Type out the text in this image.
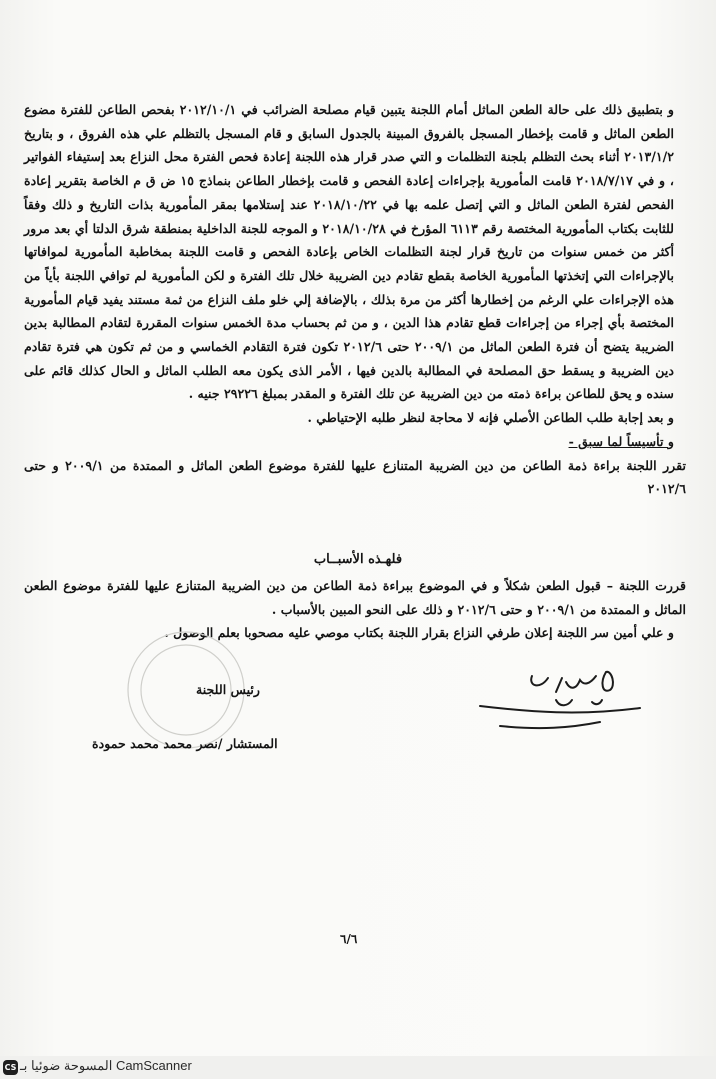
و بتطبيق ذلك على حالة الطعن الماثل أمام اللجنة يتبين قيام مصلحة الضرائب في ٢٠١٢/١٠/١ بفحص الطاعن للفترة مضوع الطعن الماثل و قامت بإخطار المسجل بالفروق المبينة بالجدول السابق و قام المسجل بالتظلم علي هذه الفروق ، و بتاريخ ٢٠١٣/١/٢ أثناء بحث التظلم بلجنة التظلمات و التي صدر قرار هذه اللجنة إعادة فحص الفترة محل النزاع بعد إستيفاء الفواتير ، و في ٢٠١٨/٧/١٧ قامت المأمورية بإجراءات إعادة الفحص و قامت بإخطار الطاعن بنماذج ١٥ ض ق م الخاصة بتقرير إعادة الفحص لفترة الطعن الماثل و التي إتصل علمه بها في ٢٠١٨/١٠/٢٢ عند إستلامها بمقر المأمورية بذات التاريخ و ذلك وفقاً للثابت بكتاب المأمورية المختصة رقم ٦١١٣ المؤرخ في ٢٠١٨/١٠/٢٨ و الموجه للجنة الداخلية بمنطقة شرق الدلتا أي بعد مرور أكثر من خمس سنوات من تاريخ قرار لجنة التظلمات الخاص بإعادة الفحص و قامت اللجنة بمخاطبة المأمورية لموافاتها بالإجراءات التي إتخذتها المأمورية الخاصة بقطع تقادم دين الضريبة خلال تلك الفترة و لكن المأمورية لم توافي اللجنة بأياً من هذه الإجراءات علي الرغم من إخطارها أكثر من مرة بذلك ، بالإضافة إلي خلو ملف النزاع من ثمة مستند يفيد قيام المأمورية المختصة بأي إجراء من إجراءات قطع تقادم هذا الدين ، و من ثم بحساب مدة الخمس سنوات المقررة لتقادم المطالبة بدين الضريبة يتضح أن فترة الطعن الماثل من ٢٠٠٩/١ حتى ٢٠١٢/٦ تكون فترة التقادم الخماسي و من ثم تكون هي فترة تقادم دين الضريبة و يسقط حق المصلحة في المطالبة بالدين فيها ، الأمر الذى يكون معه الطلب الماثل و الحال كذلك قائم على سنده و يحق للطاعن براءة ذمته من دين الضريبة عن تلك الفترة و المقدر بمبلغ ٢٩٢٢٦ جنيه .

و بعد إجابة طلب الطاعن الأصلي فإنه لا محاجة لنظر طلبه الإحتياطي .

و تأسيساً لما سبق -

تقرر اللجنة براءة ذمة الطاعن من دين الضريبة المتنازع عليها للفترة موضوع الطعن الماثل و الممتدة من ٢٠٠٩/١ و حتى ٢٠١٢/٦

فلهـذه الأسبــاب

قررت اللجنة – قبول الطعن شكلاً و في الموضوع ببراءة ذمة الطاعن من دين الضريبة المتنازع عليها للفترة موضوع الطعن الماثل و الممتدة من ٢٠٠٩/١ و حتى ٢٠١٢/٦ و ذلك على النحو المبين بالأسباب .

و علي أمين سر اللجنة إعلان طرفي النزاع بقرار اللجنة بكتاب موصي عليه مصحوبا بعلم الوصول .

رئيس اللجنة
المستشار /نصر محمد محمد حمودة
٦/٦
CS CamScanner المسوحة ضوئيا بـ
